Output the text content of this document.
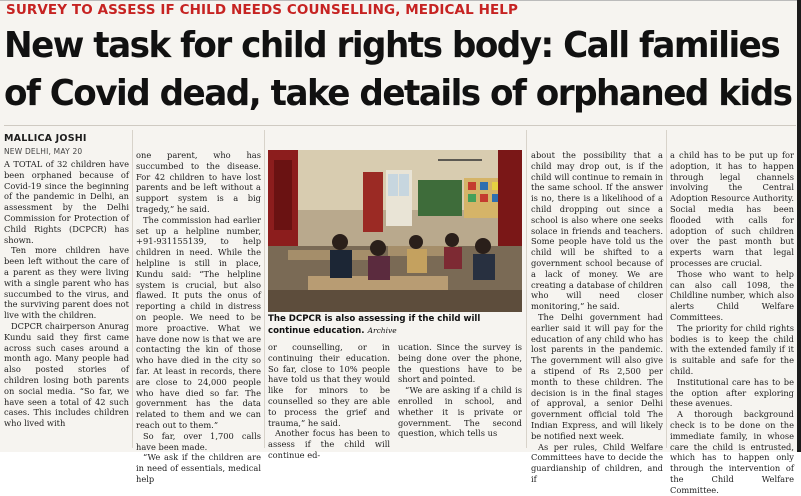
SURVEY TO ASSESS IF CHILD NEEDS COUNSELLING, MEDICAL HELP
New task for child rights body: Call families
of Covid dead, take details of orphaned kids
MALLICA JOSHI
NEW DELHI, MAY 20

A TOTAL of 32 children have been orphaned because of Covid-19 since the beginning of the pandemic in Delhi, an assessment by the Delhi Commission for Protection of Child Rights (DCPCR) has shown.

Ten more children have been left without the care of a parent as they were living with a single parent who has succumbed to the virus, and the surviving parent does not live with the children.

DCPCR chairperson Anurag Kundu said they first came across such cases around a month ago. Many people had also posted stories of children losing both parents on social media. “So far, we have seen a total of 42 such cases. This includes children who lived with

one parent, who has succumbed to the disease. For 42 children to have lost parents and be left without a support system is a big tragedy,” he said.

The commission had earlier set up a helpline number, +91-931155139, to help children in need. While the helpline is still in place, Kundu said: “The helpline system is crucial, but also flawed. It puts the onus of reporting a child in distress on people. We need to be more proactive. What we have done now is that we are contacting the kin of those who have died in the city so far. At least in records, there are close to 24,000 people who have died so far. The government has the data related to them and we can reach out to them.”

So far, over 1,700 calls have been made.

“We ask if the children are in need of essentials, medical help

The DCPCR is also assessing if the child will continue education. Archive

or counselling, or in continuing their education. So far, close to 10% people have told us that they would like for minors to be counselled so they are able to process the grief and trauma,” he said.

Another focus has been to assess if the child will continue ed-

ucation. Since the survey is being done over the phone, the questions have to be short and pointed.

“We are asking if a child is enrolled in school, and whether it is private or government. The second question, which tells us

about the possibility that a child may drop out, is if the child will continue to remain in the same school. If the answer is no, there is a likelihood of a child dropping out since a school is also where one seeks solace in friends and teachers. Some people have told us the child will be shifted to a government school because of a lack of money. We are creating a database of children who will need closer monitoring,” he said.

The Delhi government had earlier said it will pay for the education of any child who has lost parents in the pandemic. The government will also give a stipend of Rs 2,500 per month to these children. The decision is in the final stages of approval, a senior Delhi government official told The Indian Express, and will likely be notified next week.

As per rules, Child Welfare Committees have to decide the guardianship of children, and if

a child has to be put up for adoption, it has to happen through legal channels involving the Central Adoption Resource Authority. Social media has been flooded with calls for adoption of such children over the past month but experts warn that legal processes are crucial.

Those who want to help can also call 1098, the Childline number, which also alerts Child Welfare Committees.

The priority for child rights bodies is to keep the child with the extended family if it is suitable and safe for the child.

Institutional care has to be the option after exploring these avenues.

A thorough background check is to be done on the immediate family, in whose care the child is entrusted, which has to happen only through the intervention of the Child Welfare Committee.
